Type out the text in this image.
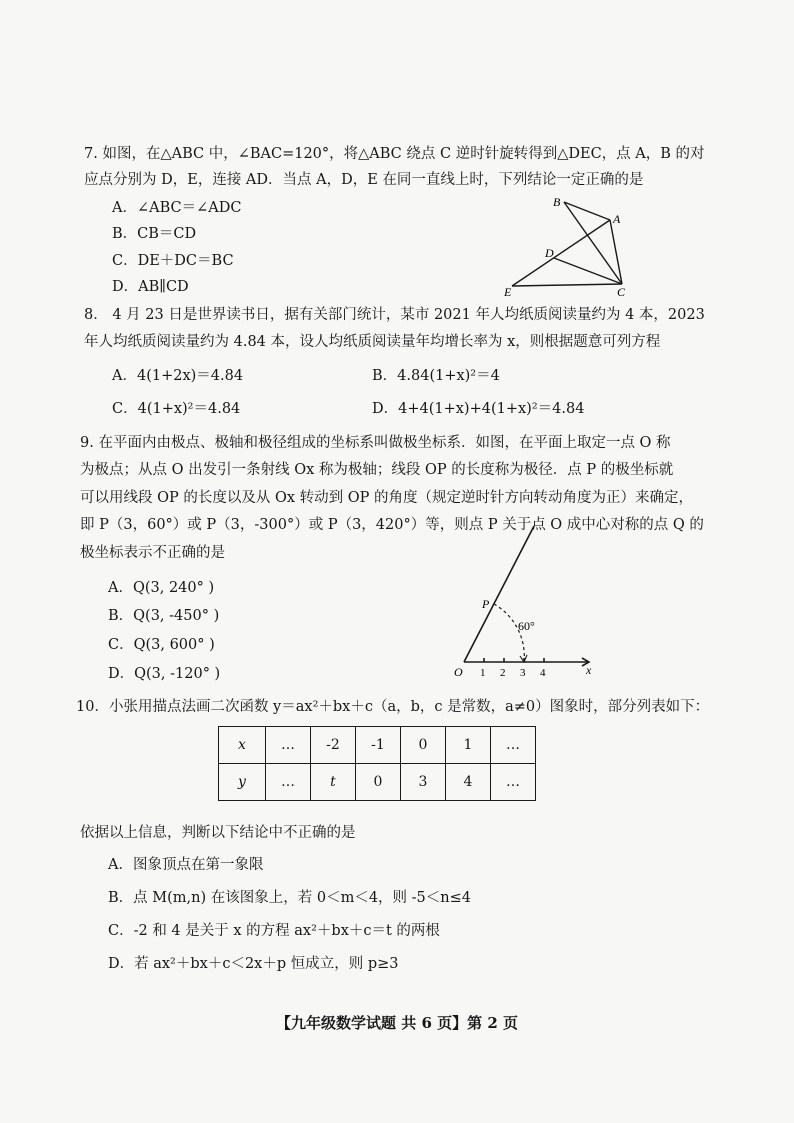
7. 如图，在△ABC 中，∠BAC=120°，将△ABC 绕点 C 逆时针旋转得到△DEC，点 A，B 的对
应点分别为 D，E，连接 AD．当点 A，D，E 在同一直线上时，下列结论一定正确的是
A．∠ABC＝∠ADC
B．CB＝CD
C．DE＋DC＝BC
D．AB∥CD
B
A
D
E	C
8． 4 月 23 日是世界读书日，据有关部门统计，某市 2021 年人均纸质阅读量约为 4 本，2023
年人均纸质阅读量约为 4.84 本，设人均纸质阅读量年均增长率为 x，则根据题意可列方程
A．4(1+2x)＝4.84	B．4.84(1+x)²＝4
C．4(1+x)²＝4.84	D．4+4(1+x)+4(1+x)²＝4.84
9. 在平面内由极点、极轴和极径组成的坐标系叫做极坐标系．如图，在平面上取定一点 O 称
为极点；从点 O 出发引一条射线 Ox 称为极轴；线段 OP 的长度称为极径．点 P 的极坐标就
可以用线段 OP 的长度以及从 Ox 转动到 OP 的角度（规定逆时针方向转动角度为正）来确定，
即 P（3，60°）或 P（3，-300°）或 P（3，420°）等，则点 P 关于点 O 成中心对称的点 Q 的
极坐标表示不正确的是
A．Q(3, 240° )
B．Q(3, -450° )
C．Q(3, 600° )
D．Q(3, -120° )
P
60°
O 1 2 3 4	x
10．小张用描点法画二次函数 y＝ax²＋bx＋c（a，b，c 是常数，a≠0）图象时，部分列表如下：
x	…	-2	-1	0	1	…
y	…	t	0	3	4	…
依据以上信息，判断以下结论中不正确的是
A．图象顶点在第一象限
B．点 M(m,n) 在该图象上，若 0＜m＜4，则 -5＜n≤4
C．-2 和 4 是关于 x 的方程 ax²＋bx＋c＝t 的两根
D．若 ax²＋bx＋c＜2x＋p 恒成立，则 p≥3
【九年级数学试题 共 6 页】第 2 页
